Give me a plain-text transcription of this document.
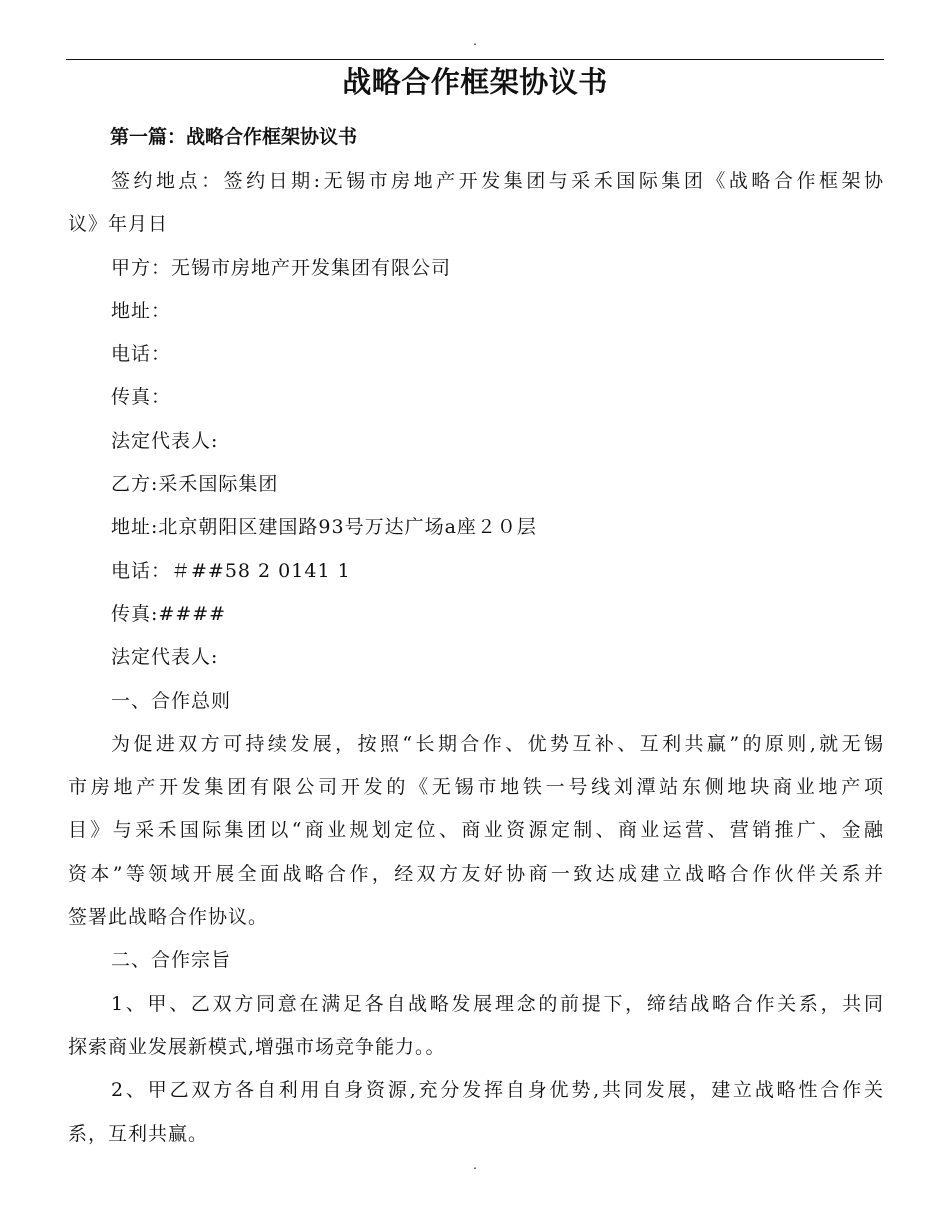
.
战略合作框架协议书
第一篇：战略合作框架协议书

签约地点：签约日期:无锡市房地产开发集团与采禾国际集团《战略合作框架协
议》年月日

甲方：无锡市房地产开发集团有限公司

地址：

电话：

传真：

法定代表人:

乙方:采禾国际集团

地址:北京朝阳区建国路93号万达广场a座２０层

电话：＃##58 2 0141 1

传真:####

法定代表人:

一、合作总则

为促进双方可持续发展，按照“长期合作、优势互补、互利共赢”的原则,就无锡
市房地产开发集团有限公司开发的《无锡市地铁一号线刘潭站东侧地块商业地产项
目》与采禾国际集团以“商业规划定位、商业资源定制、商业运营、营销推广、金融
资本”等领域开展全面战略合作，经双方友好协商一致达成建立战略合作伙伴关系并
签署此战略合作协议。

二、合作宗旨

1、甲、乙双方同意在满足各自战略发展理念的前提下，缔结战略合作关系，共同
探索商业发展新模式,增强市场竞争能力。。

2、甲乙双方各自利用自身资源,充分发挥自身优势,共同发展，建立战略性合作关
系，互利共赢。

.
